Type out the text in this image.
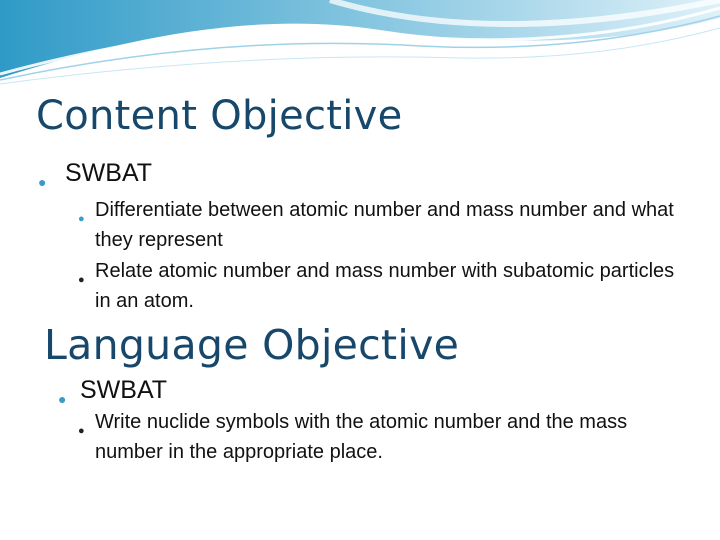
Content Objective
● SWBAT
● Differentiate between atomic number and mass number and what they represent
● Relate atomic number and mass number with subatomic particles in an atom.
Language Objective
● SWBAT
● Write nuclide symbols with the atomic number and the mass number in the appropriate place.
